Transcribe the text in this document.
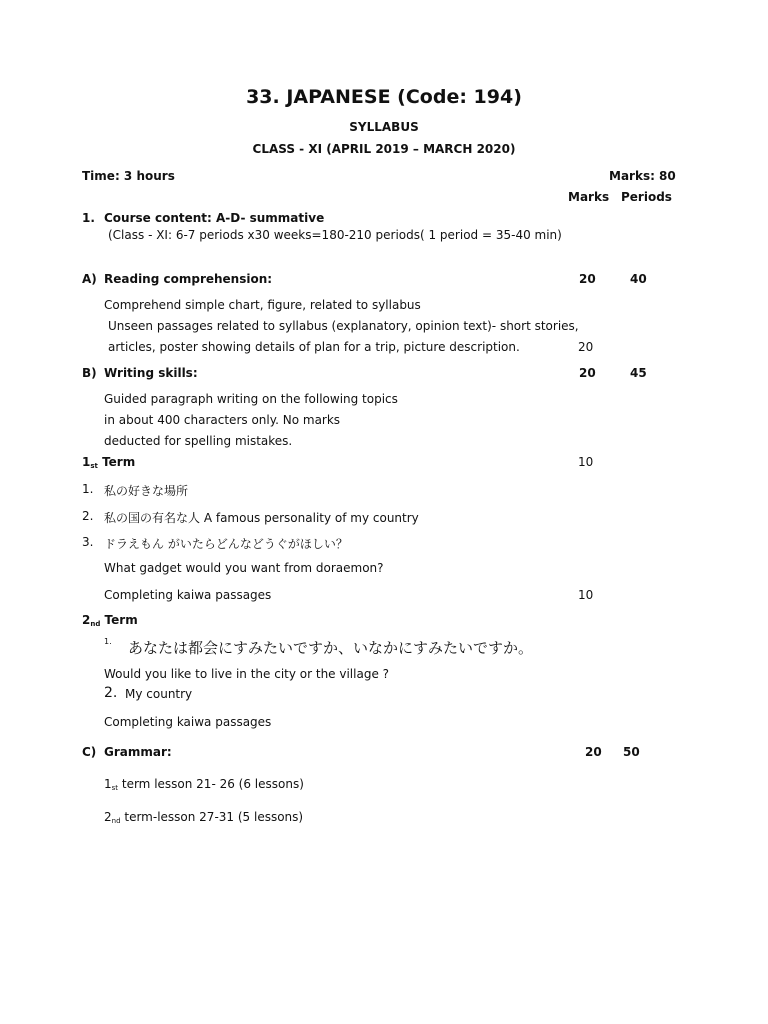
33. JAPANESE (Code: 194)
SYLLABUS
CLASS - XI (APRIL 2019 – MARCH 2020)
Time: 3 hours	Marks: 80
Marks Periods
1. Course content: A-D- summative
(Class - XI: 6-7 periods x30 weeks=180-210 periods( 1 period = 35-40 min)
A) Reading comprehension:	20	40
Comprehend simple chart, figure, related to syllabus
Unseen passages related to syllabus (explanatory, opinion text)- short stories,
articles, poster showing details of plan for a trip, picture description.	20
B) Writing skills:	20	45
Guided paragraph writing on the following topics
in about 400 characters only. No marks
deducted for spelling mistakes.
1st Term	10
1. 私の好きな場所
2. 私の国の有名な人 A famous personality of my country
3. ドラえもん がいたらどんなどうぐがほしい？
What gadget would you want from doraemon?
Completing kaiwa passages	10
2nd Term
1. あなたは都会にすみたいですか、いなかにすみたいですか。
Would you like to live in the city or the village ?
2. My country
Completing kaiwa passages
C) Grammar:	20 50
1st term lesson 21- 26 (6 lessons)
2nd term-lesson 27-31 (5 lessons)
